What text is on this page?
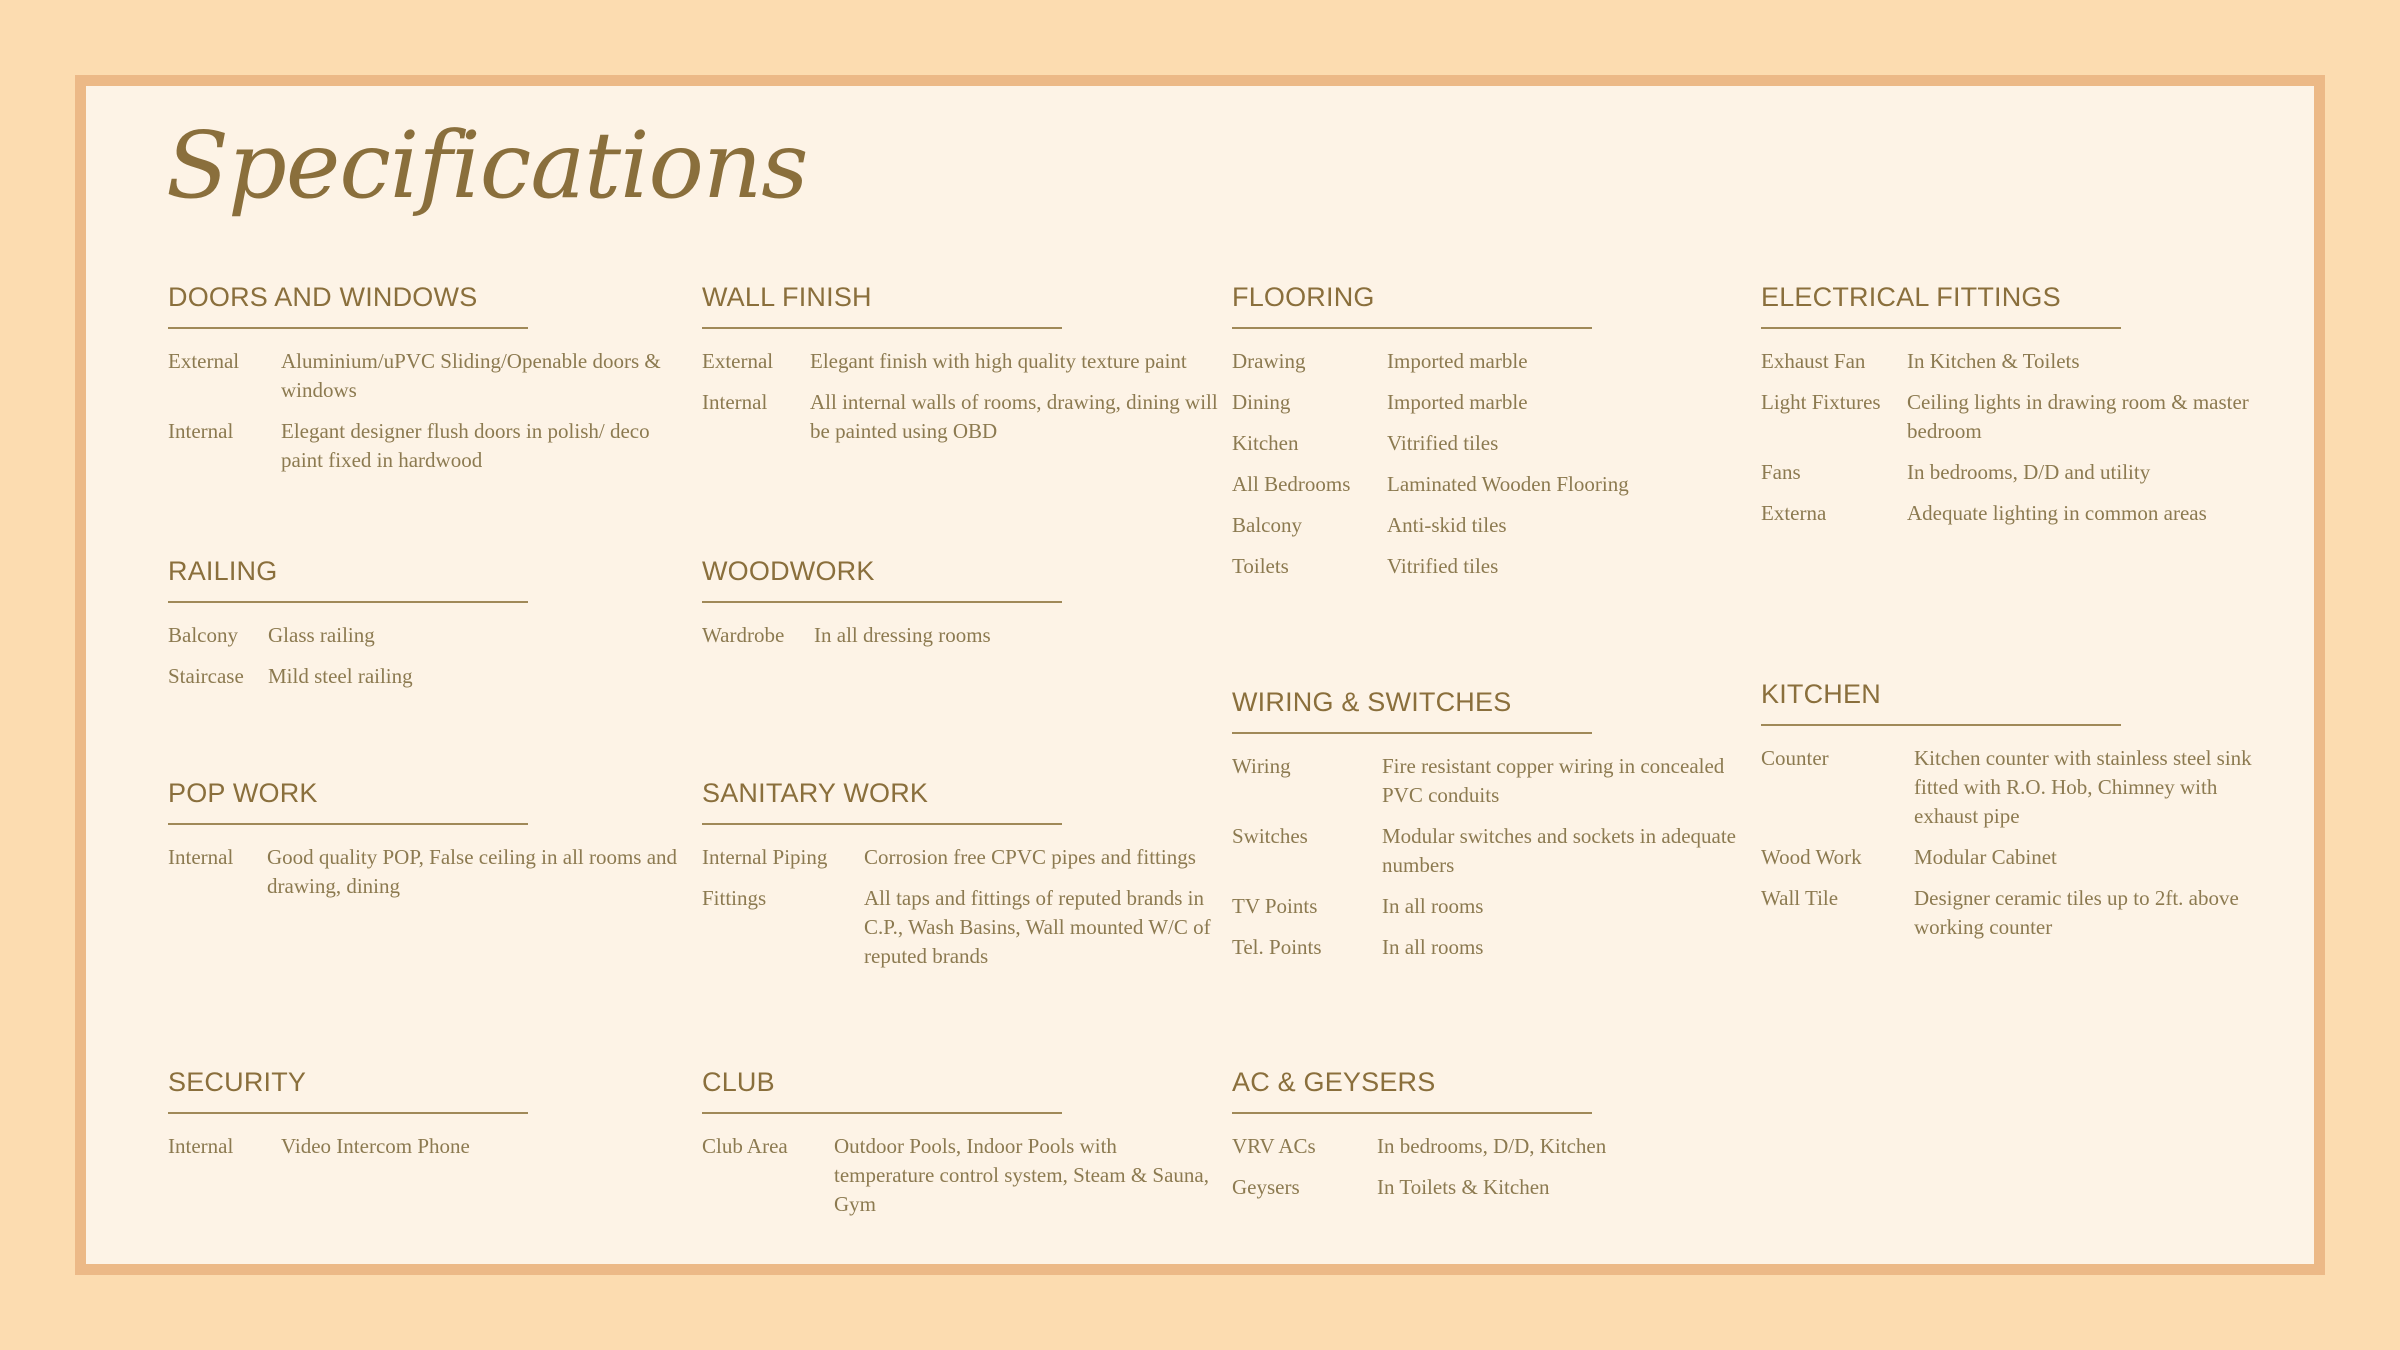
Specifications
DOORS AND WINDOWS
External	Aluminium/uPVC Sliding/Openable doors & windows
Internal	Elegant designer flush doors in polish/ deco paint fixed in hardwood
RAILING
Balcony	Glass railing
Staircase	Mild steel railing
POP WORK
Internal	Good quality POP, False ceiling in all rooms and drawing, dining
SECURITY
Internal	Video Intercom Phone
WALL FINISH
External	Elegant finish with high quality texture paint
Internal	All internal walls of rooms, drawing, dining will be painted using OBD
WOODWORK
Wardrobe	In all dressing rooms
SANITARY WORK
Internal Piping	Corrosion free CPVC pipes and fittings
Fittings	All taps and fittings of reputed brands in C.P., Wash Basins, Wall mounted W/C of reputed brands
CLUB
Club Area	Outdoor Pools, Indoor Pools with temperature control system, Steam & Sauna, Gym
FLOORING
Drawing	Imported marble
Dining	Imported marble
Kitchen	Vitrified tiles
All Bedrooms	Laminated Wooden Flooring
Balcony	Anti-skid tiles
Toilets	Vitrified tiles
WIRING & SWITCHES
Wiring	Fire resistant copper wiring in concealed PVC conduits
Switches	Modular switches and sockets in adequate numbers
TV Points	In all rooms
Tel. Points	In all rooms
AC & GEYSERS
VRV ACs	In bedrooms, D/D, Kitchen
Geysers	In Toilets & Kitchen
ELECTRICAL FITTINGS
Exhaust Fan	In Kitchen & Toilets
Light Fixtures	Ceiling lights in drawing room & master bedroom
Fans	In bedrooms, D/D and utility
Externa	Adequate lighting in common areas
KITCHEN
Counter	Kitchen counter with stainless steel sink fitted with R.O. Hob, Chimney with exhaust pipe
Wood Work	Modular Cabinet
Wall Tile	Designer ceramic tiles up to 2ft. above working counter
